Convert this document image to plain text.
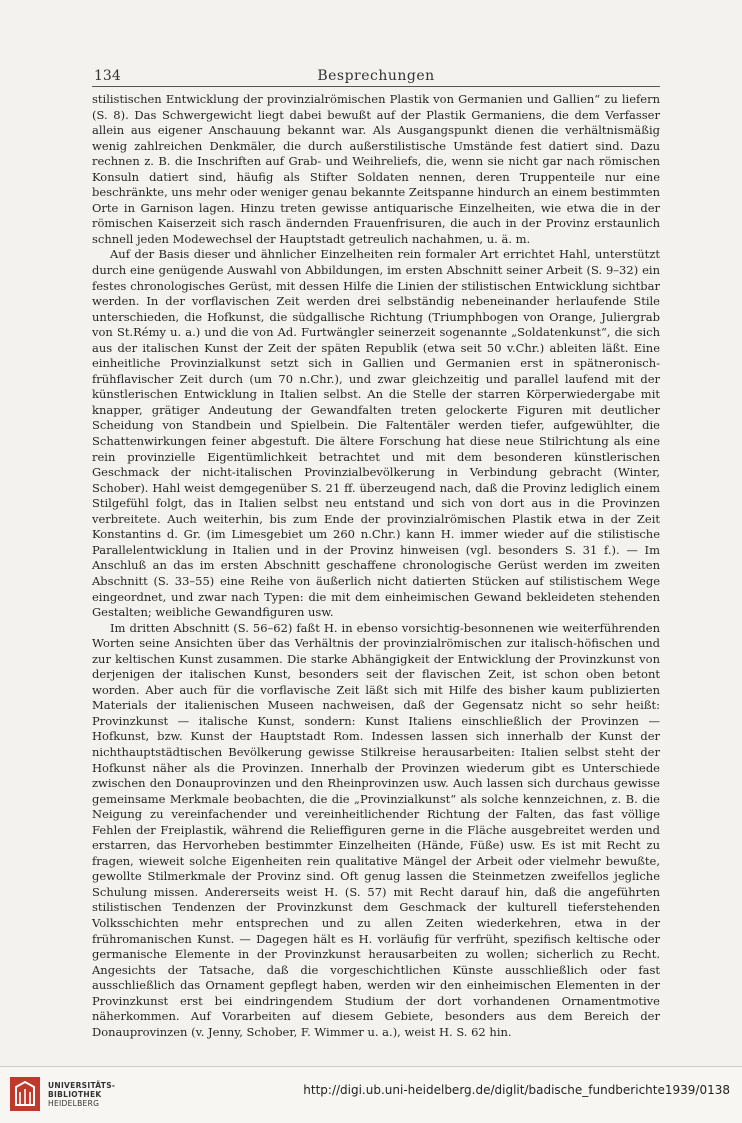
134	Besprechungen

stilistischen Entwicklung der provinzialrömischen Plastik von Germanien und Gallien“ zu liefern (S. 8). Das Schwergewicht liegt dabei bewußt auf der Plastik Germaniens, die dem Verfasser allein aus eigener Anschauung bekannt war. Als Ausgangspunkt dienen die verhältnismäßig wenig zahlreichen Denkmäler, die durch außerstilistische Umstände fest datiert sind. Dazu rechnen z. B. die Inschriften auf Grab- und Weihreliefs, die, wenn sie nicht gar nach römischen Konsuln datiert sind, häufig als Stifter Soldaten nennen, deren Truppenteile nur eine beschränkte, uns mehr oder weniger genau bekannte Zeitspanne hindurch an einem bestimmten Orte in Garnison lagen. Hinzu treten gewisse antiquarische Einzelheiten, wie etwa die in der römischen Kaiserzeit sich rasch ändernden Frauenfrisuren, die auch in der Provinz erstaunlich schnell jeden Modewechsel der Hauptstadt getreulich nachahmen, u. ä. m.

Auf der Basis dieser und ähnlicher Einzelheiten rein formaler Art errichtet Hahl, unterstützt durch eine genügende Auswahl von Abbildungen, im ersten Abschnitt seiner Arbeit (S. 9–32) ein festes chronologisches Gerüst, mit dessen Hilfe die Linien der stilistischen Entwicklung sichtbar werden. In der vorflavischen Zeit werden drei selbständig nebeneinander herlaufende Stile unterschieden, die Hofkunst, die südgallische Richtung (Triumphbogen von Orange, Juliergrab von St.Rémy u. a.) und die von Ad. Furtwängler seinerzeit sogenannte „Soldatenkunst“, die sich aus der italischen Kunst der Zeit der späten Republik (etwa seit 50 v.Chr.) ableiten läßt. Eine einheitliche Provinzialkunst setzt sich in Gallien und Germanien erst in spätneronisch-frühflavischer Zeit durch (um 70 n.Chr.), und zwar gleichzeitig und parallel laufend mit der künstlerischen Entwicklung in Italien selbst. An die Stelle der starren Körperwiedergabe mit knapper, grätiger Andeutung der Gewandfalten treten gelockerte Figuren mit deutlicher Scheidung von Standbein und Spielbein. Die Faltentäler werden tiefer, aufgewühlter, die Schattenwirkungen feiner abgestuft. Die ältere Forschung hat diese neue Stilrichtung als eine rein provinzielle Eigentümlichkeit betrachtet und mit dem besonderen künstlerischen Geschmack der nicht-italischen Provinzialbevölkerung in Verbindung gebracht (Winter, Schober). Hahl weist demgegenüber S. 21 ff. überzeugend nach, daß die Provinz lediglich einem Stilgefühl folgt, das in Italien selbst neu entstand und sich von dort aus in die Provinzen verbreitete. Auch weiterhin, bis zum Ende der provinzialrömischen Plastik etwa in der Zeit Konstantins d. Gr. (im Limesgebiet um 260 n.Chr.) kann H. immer wieder auf die stilistische Parallelentwicklung in Italien und in der Provinz hinweisen (vgl. besonders S. 31 f.). — Im Anschluß an das im ersten Abschnitt geschaffene chronologische Gerüst werden im zweiten Abschnitt (S. 33–55) eine Reihe von äußerlich nicht datierten Stücken auf stilistischem Wege eingeordnet, und zwar nach Typen: die mit dem einheimischen Gewand bekleideten stehenden Gestalten; weibliche Gewandfiguren usw.

Im dritten Abschnitt (S. 56–62) faßt H. in ebenso vorsichtig-besonnenen wie weiterführenden Worten seine Ansichten über das Verhältnis der provinzialrömischen zur italisch-höfischen und zur keltischen Kunst zusammen. Die starke Abhängigkeit der Entwicklung der Provinzkunst von derjenigen der italischen Kunst, besonders seit der flavischen Zeit, ist schon oben betont worden. Aber auch für die vorflavische Zeit läßt sich mit Hilfe des bisher kaum publizierten Materials der italienischen Museen nachweisen, daß der Gegensatz nicht so sehr heißt: Provinzkunst — italische Kunst, sondern: Kunst Italiens einschließlich der Provinzen — Hofkunst, bzw. Kunst der Hauptstadt Rom. Indessen lassen sich innerhalb der Kunst der nichthauptstädtischen Bevölkerung gewisse Stilkreise herausarbeiten: Italien selbst steht der Hofkunst näher als die Provinzen. Innerhalb der Provinzen wiederum gibt es Unterschiede zwischen den Donauprovinzen und den Rheinprovinzen usw. Auch lassen sich durchaus gewisse gemeinsame Merkmale beobachten, die die „Provinzialkunst“ als solche kennzeichnen, z. B. die Neigung zu vereinfachender und vereinheitlichender Richtung der Falten, das fast völlige Fehlen der Freiplastik, während die Relieffiguren gerne in die Fläche ausgebreitet werden und erstarren, das Hervorheben bestimmter Einzelheiten (Hände, Füße) usw. Es ist mit Recht zu fragen, wieweit solche Eigenheiten rein qualitative Mängel der Arbeit oder vielmehr bewußte, gewollte Stilmerkmale der Provinz sind. Oft genug lassen die Steinmetzen zweifellos jegliche Schulung missen. Andererseits weist H. (S. 57) mit Recht darauf hin, daß die angeführten stilistischen Tendenzen der Provinzkunst dem Geschmack der kulturell tieferstehenden Volksschichten mehr entsprechen und zu allen Zeiten wiederkehren, etwa in der frühromanischen Kunst. — Dagegen hält es H. vorläufig für verfrüht, spezifisch keltische oder germanische Elemente in der Provinzkunst herausarbeiten zu wollen; sicherlich zu Recht. Angesichts der Tatsache, daß die vorgeschichtlichen Künste ausschließlich oder fast ausschließlich das Ornament gepflegt haben, werden wir den einheimischen Elementen in der Provinzkunst erst bei eindringendem Studium der dort vorhandenen Ornamentmotive näherkommen. Auf Vorarbeiten auf diesem Gebiete, besonders aus dem Bereich der Donauprovinzen (v. Jenny, Schober, F. Wimmer u. a.), weist H. S. 62 hin.

UNIVERSITÄTS-
BIBLIOTHEK
HEIDELBERG
http://digi.ub.uni-heidelberg.de/diglit/badische_fundberichte1939/0138
